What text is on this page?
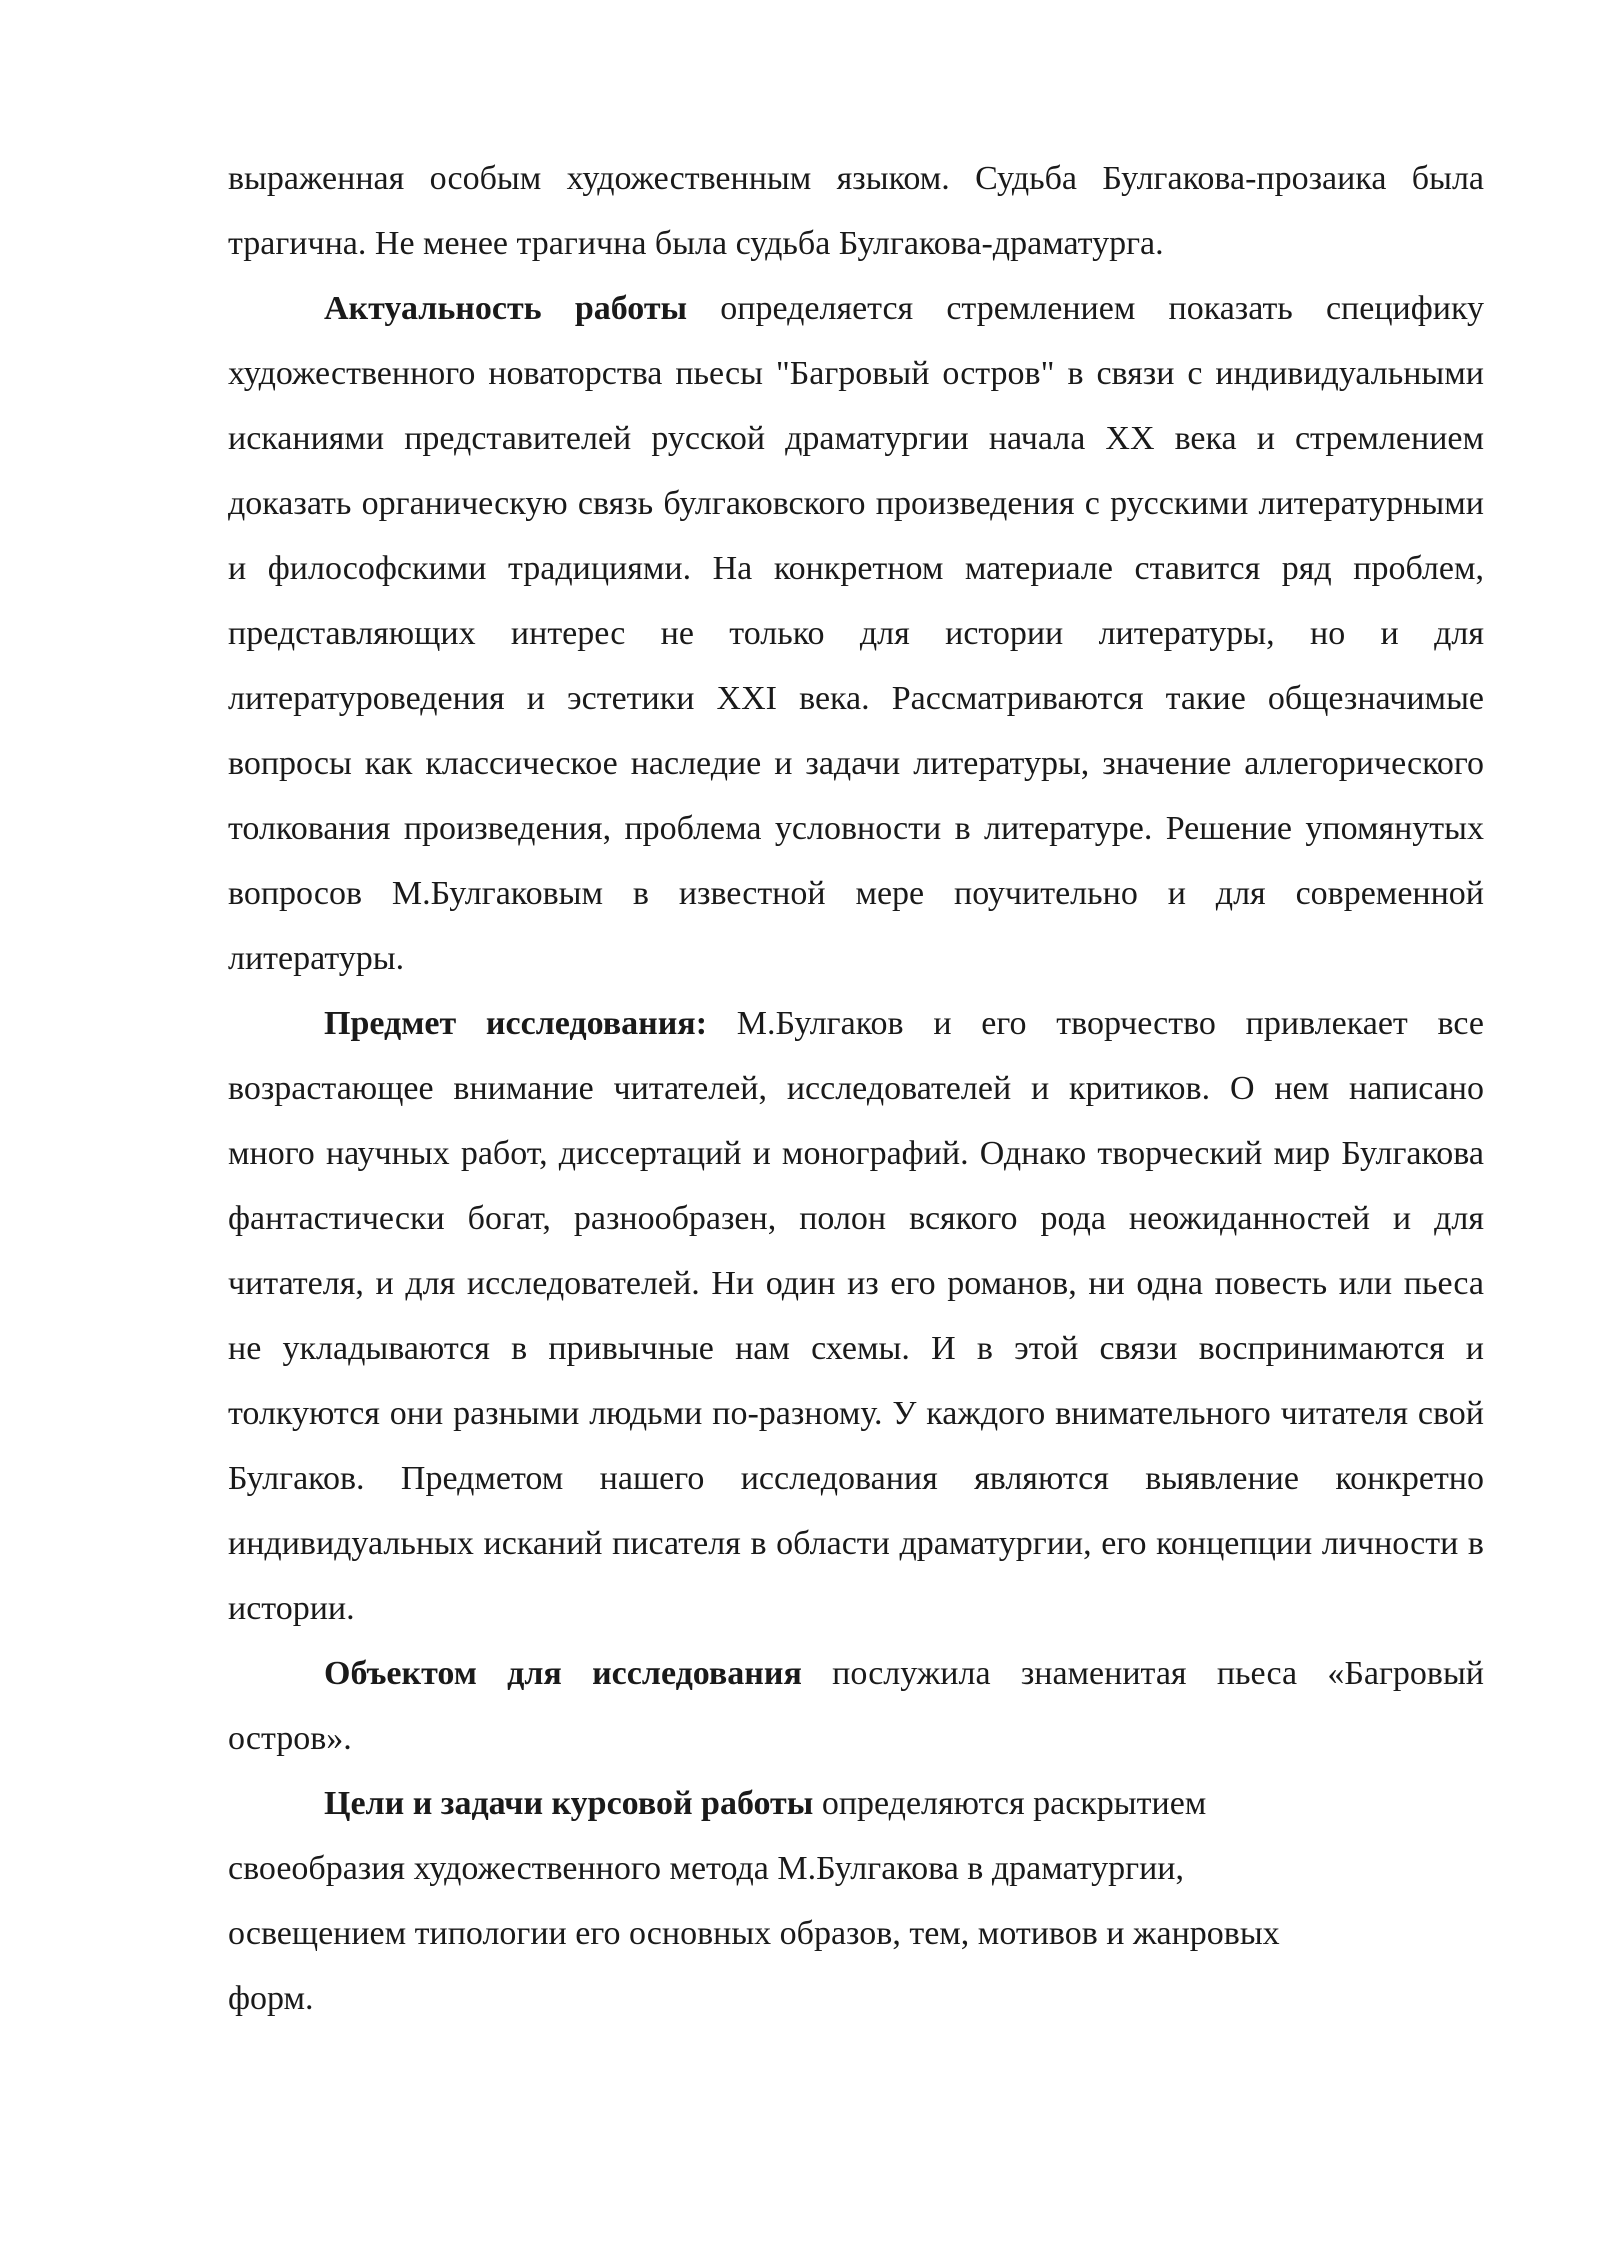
выраженная особым художественным языком. Судьба Булгакова-прозаика была трагична. Не менее трагична была судьба Булгакова-драматурга.

Актуальность работы определяется стремлением показать специфику художественного новаторства пьесы "Багровый остров" в связи с индивидуальными исканиями представителей русской драматургии начала XX века и стремлением доказать органическую связь булгаковского произведения с русскими литературными и философскими традициями. На конкретном материале ставится ряд проблем, представляющих интерес не только для истории литературы, но и для литературоведения и эстетики XXI века. Рассматриваются такие общезначимые вопросы как классическое наследие и задачи литературы, значение аллегорического толкования произведения, проблема условности в литературе. Решение упомянутых вопросов М.Булгаковым в известной мере поучительно и для современной литературы.

Предмет исследования: М.Булгаков и его творчество привлекает все возрастающее внимание читателей, исследователей и критиков. О нем написано много научных работ, диссертаций и монографий. Однако творческий мир Булгакова фантастически богат, разнообразен, полон всякого рода неожиданностей и для читателя, и для исследователей. Ни один из его романов, ни одна повесть или пьеса не укладываются в привычные нам схемы. И в этой связи воспринимаются и толкуются они разными людьми по-разному. У каждого внимательного читателя свой Булгаков. Предметом нашего исследования являются выявление конкретно индивидуальных исканий писателя в области драматургии, его концепции личности в истории.

Объектом для исследования послужила знаменитая пьеса «Багровый остров».

Цели и задачи курсовой работы определяются раскрытием своеобразия художественного метода М.Булгакова в драматургии, освещением типологии его основных образов, тем, мотивов и жанровых форм.
